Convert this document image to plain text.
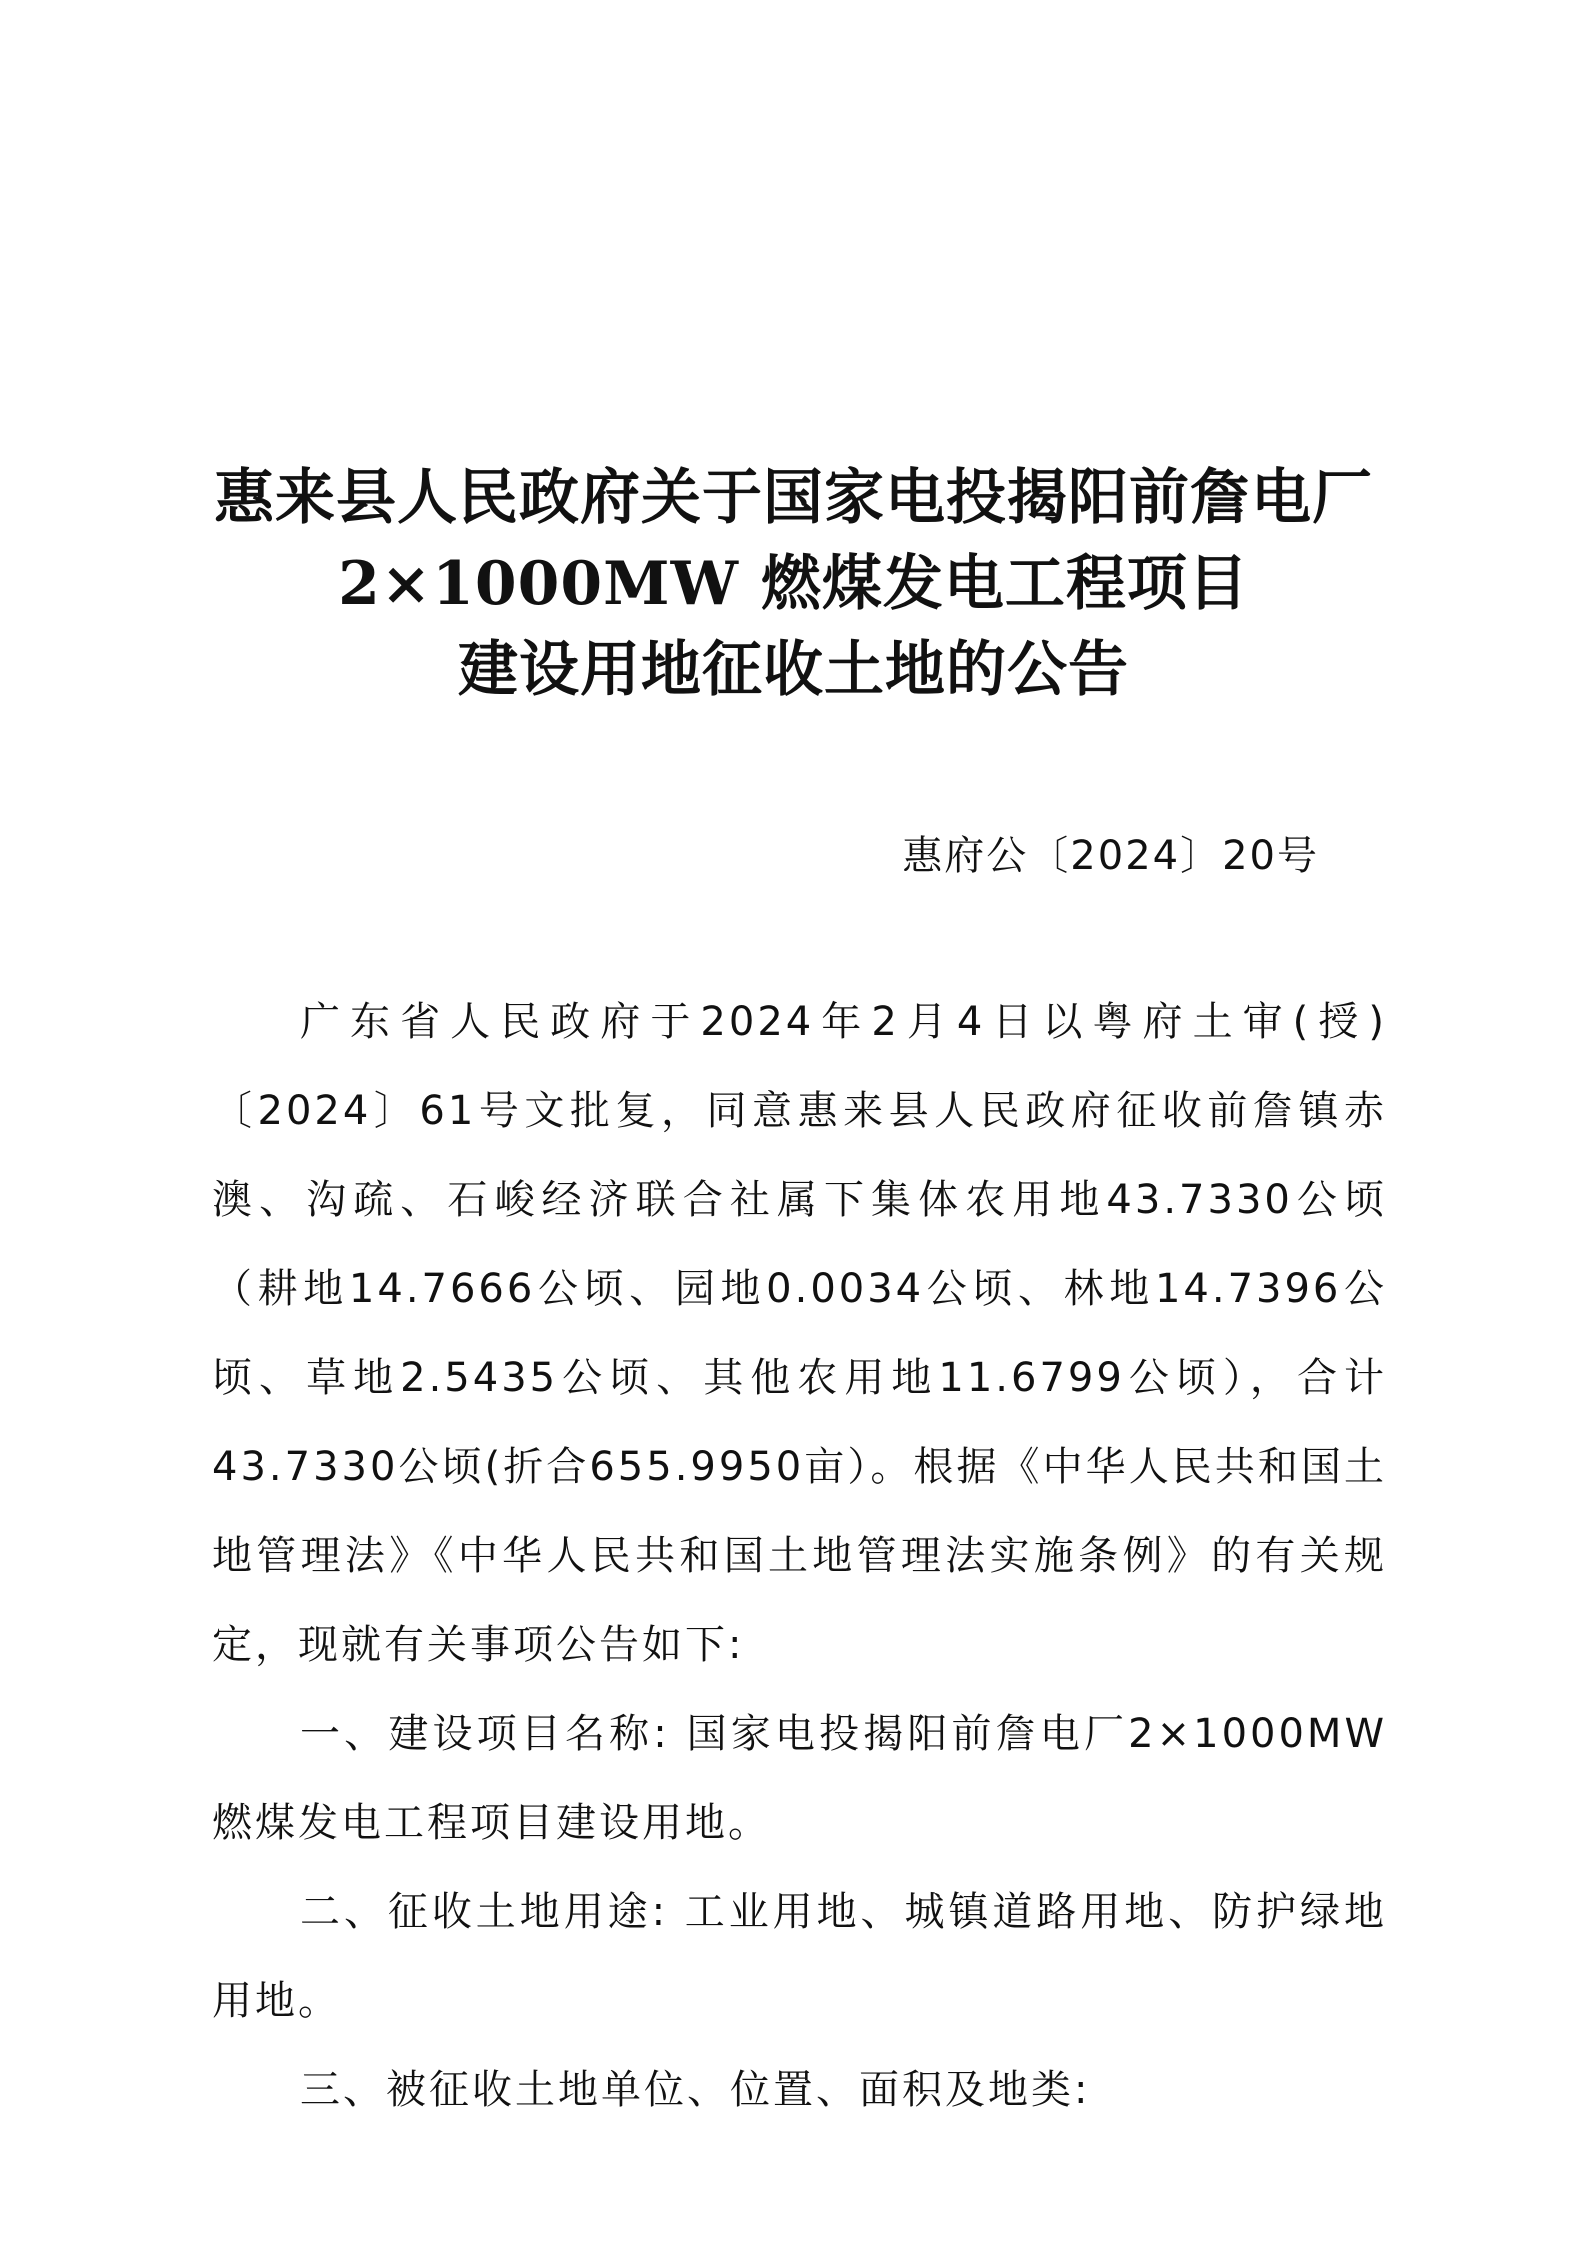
惠来县人民政府关于国家电投揭阳前詹电厂
2×1000MW 燃煤发电工程项目
建设用地征收土地的公告
惠府公〔2024〕20号

广东省人民政府于2024年2月4日以粤府土审(授)〔2024〕61号文批复，同意惠来县人民政府征收前詹镇赤澳、沟疏、石峻经济联合社属下集体农用地43.7330公顷（耕地14.7666公顷、园地0.0034公顷、林地14.7396公顷、草地2.5435公顷、其他农用地11.6799公顷），合计43.7330公顷(折合655.9950亩）。根据《中华人民共和国土地管理法》《中华人民共和国土地管理法实施条例》的有关规定，现就有关事项公告如下:

一、建设项目名称: 国家电投揭阳前詹电厂2×1000MW燃煤发电工程项目建设用地。

二、征收土地用途: 工业用地、城镇道路用地、防护绿地用地。

三、被征收土地单位、位置、面积及地类:
